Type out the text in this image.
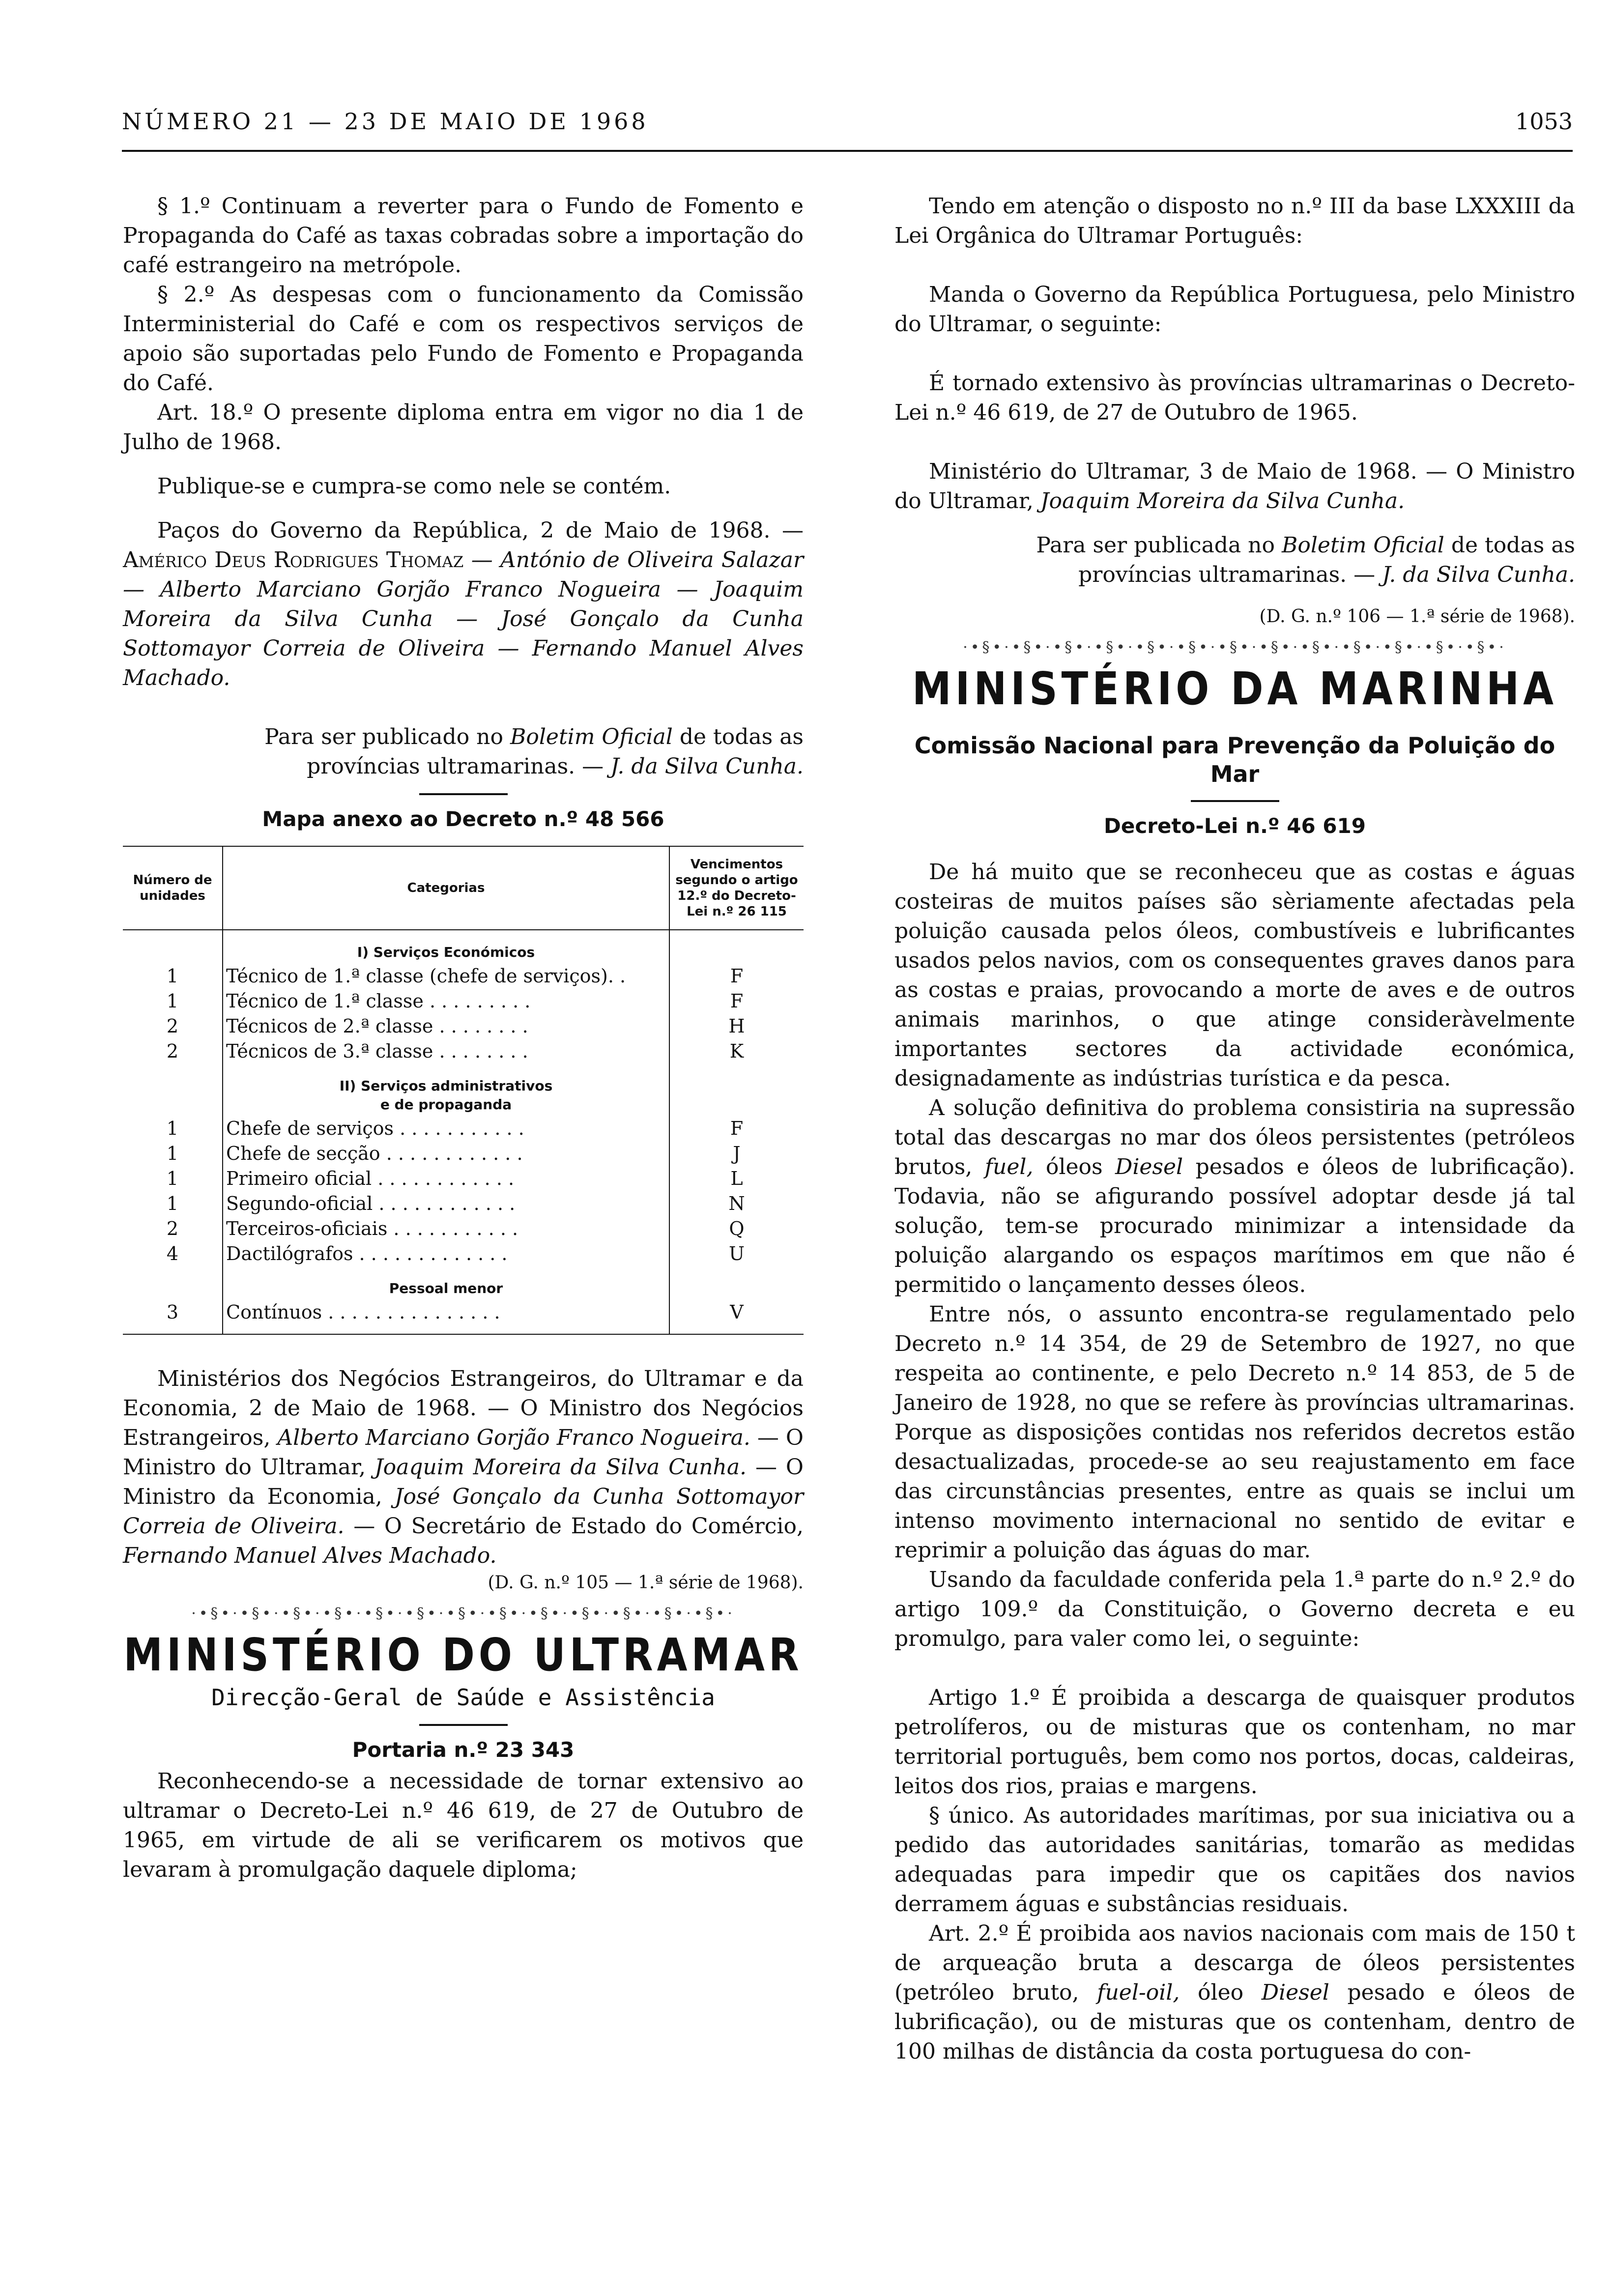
NÚMERO 21 — 23 DE MAIO DE 1968	1053

§ 1.º Continuam a reverter para o Fundo de Fomento e Propaganda do Café as taxas cobradas sobre a importação do café estrangeiro na metrópole.

§ 2.º As despesas com o funcionamento da Comissão Interministerial do Café e com os respectivos serviços de apoio são suportadas pelo Fundo de Fomento e Propaganda do Café.

Art. 18.º O presente diploma entra em vigor no dia 1 de Julho de 1968.

Publique-se e cumpra-se como nele se contém.

Paços do Governo da República, 2 de Maio de 1968. — Américo Deus Rodrigues Thomaz — António de Oliveira Salazar — Alberto Marciano Gorjão Franco Nogueira — Joaquim Moreira da Silva Cunha — José Gonçalo da Cunha Sottomayor Correia de Oliveira — Fernando Manuel Alves Machado.

Para ser publicado no Boletim Oficial de todas as províncias ultramarinas. — J. da Silva Cunha.
Mapa anexo ao Decreto n.º 48 566
Número de unidades	Categorias	Vencimentos segundo o artigo 12.º do Decreto-Lei n.º 26 115
	I) Serviços Económicos	
1	Técnico de 1.ª classe (chefe de serviços). .	F
1	Técnico de 1.ª classe . . . . . . . . .	F
2	Técnicos de 2.ª classe . . . . . . . .	H
2	Técnicos de 3.ª classe . . . . . . . .	K
	II) Serviços administrativos
e de propaganda	
1	Chefe de serviços . . . . . . . . . . .	F
1	Chefe de secção . . . . . . . . . . . .	J
1	Primeiro oficial . . . . . . . . . . . .	L
1	Segundo-oficial . . . . . . . . . . . .	N
2	Terceiros-oficiais . . . . . . . . . . .	Q
4	Dactilógrafos . . . . . . . . . . . . .	U
	Pessoal menor	
3	Contínuos . . . . . . . . . . . . . . .	V

Ministérios dos Negócios Estrangeiros, do Ultramar e da Economia, 2 de Maio de 1968. — O Ministro dos Negócios Estrangeiros, Alberto Marciano Gorjão Franco Nogueira. — O Ministro do Ultramar, Joaquim Moreira da Silva Cunha. — O Ministro da Economia, José Gonçalo da Cunha Sottomayor Correia de Oliveira. — O Secretário de Estado do Comércio, Fernando Manuel Alves Machado.

(D. G. n.º 105 — 1.ª série de 1968).
·•§•·•§•·•§•·•§•·•§•·•§•·•§•·•§•·•§•·•§•·•§•·•§•·•§•·
MINISTÉRIO DO ULTRAMAR
Direcção-Geral de Saúde e Assistência
Portaria n.º 23 343

Reconhecendo-se a necessidade de tornar extensivo ao ultramar o Decreto-Lei n.º 46 619, de 27 de Outubro de 1965, em virtude de ali se verificarem os motivos que levaram à promulgação daquele diploma;

Tendo em atenção o disposto no n.º III da base LXXXIII da Lei Orgânica do Ultramar Português:

Manda o Governo da República Portuguesa, pelo Ministro do Ultramar, o seguinte:

É tornado extensivo às províncias ultramarinas o Decreto-Lei n.º 46 619, de 27 de Outubro de 1965.

Ministério do Ultramar, 3 de Maio de 1968. — O Ministro do Ultramar, Joaquim Moreira da Silva Cunha.

Para ser publicada no Boletim Oficial de todas as províncias ultramarinas. — J. da Silva Cunha.
(D. G. n.º 106 — 1.ª série de 1968).
·•§•·•§•·•§•·•§•·•§•·•§•·•§•·•§•·•§•·•§•·•§•·•§•·•§•·
MINISTÉRIO DA MARINHA
Comissão Nacional para Prevenção da Poluição do Mar
Decreto-Lei n.º 46 619

De há muito que se reconheceu que as costas e águas costeiras de muitos países são sèriamente afectadas pela poluição causada pelos óleos, combustíveis e lubrificantes usados pelos navios, com os consequentes graves danos para as costas e praias, provocando a morte de aves e de outros animais marinhos, o que atinge consideràvelmente importantes sectores da actividade económica, designadamente as indústrias turística e da pesca.

A solução definitiva do problema consistiria na supressão total das descargas no mar dos óleos persistentes (petróleos brutos, fuel, óleos Diesel pesados e óleos de lubrificação). Todavia, não se afigurando possível adoptar desde já tal solução, tem-se procurado minimizar a intensidade da poluição alargando os espaços marítimos em que não é permitido o lançamento desses óleos.

Entre nós, o assunto encontra-se regulamentado pelo Decreto n.º 14 354, de 29 de Setembro de 1927, no que respeita ao continente, e pelo Decreto n.º 14 853, de 5 de Janeiro de 1928, no que se refere às províncias ultramarinas. Porque as disposições contidas nos referidos decretos estão desactualizadas, procede-se ao seu reajustamento em face das circunstâncias presentes, entre as quais se inclui um intenso movimento internacional no sentido de evitar e reprimir a poluição das águas do mar.

Usando da faculdade conferida pela 1.ª parte do n.º 2.º do artigo 109.º da Constituição, o Governo decreta e eu promulgo, para valer como lei, o seguinte:

Artigo 1.º É proibida a descarga de quaisquer produtos petrolíferos, ou de misturas que os contenham, no mar territorial português, bem como nos portos, docas, caldeiras, leitos dos rios, praias e margens.

§ único. As autoridades marítimas, por sua iniciativa ou a pedido das autoridades sanitárias, tomarão as medidas adequadas para impedir que os capitães dos navios derramem águas e substâncias residuais.

Art. 2.º É proibida aos navios nacionais com mais de 150 t de arqueação bruta a descarga de óleos persistentes (petróleo bruto, fuel-oil, óleo Diesel pesado e óleos de lubrificação), ou de misturas que os contenham, dentro de 100 milhas de distância da costa portuguesa do con-
